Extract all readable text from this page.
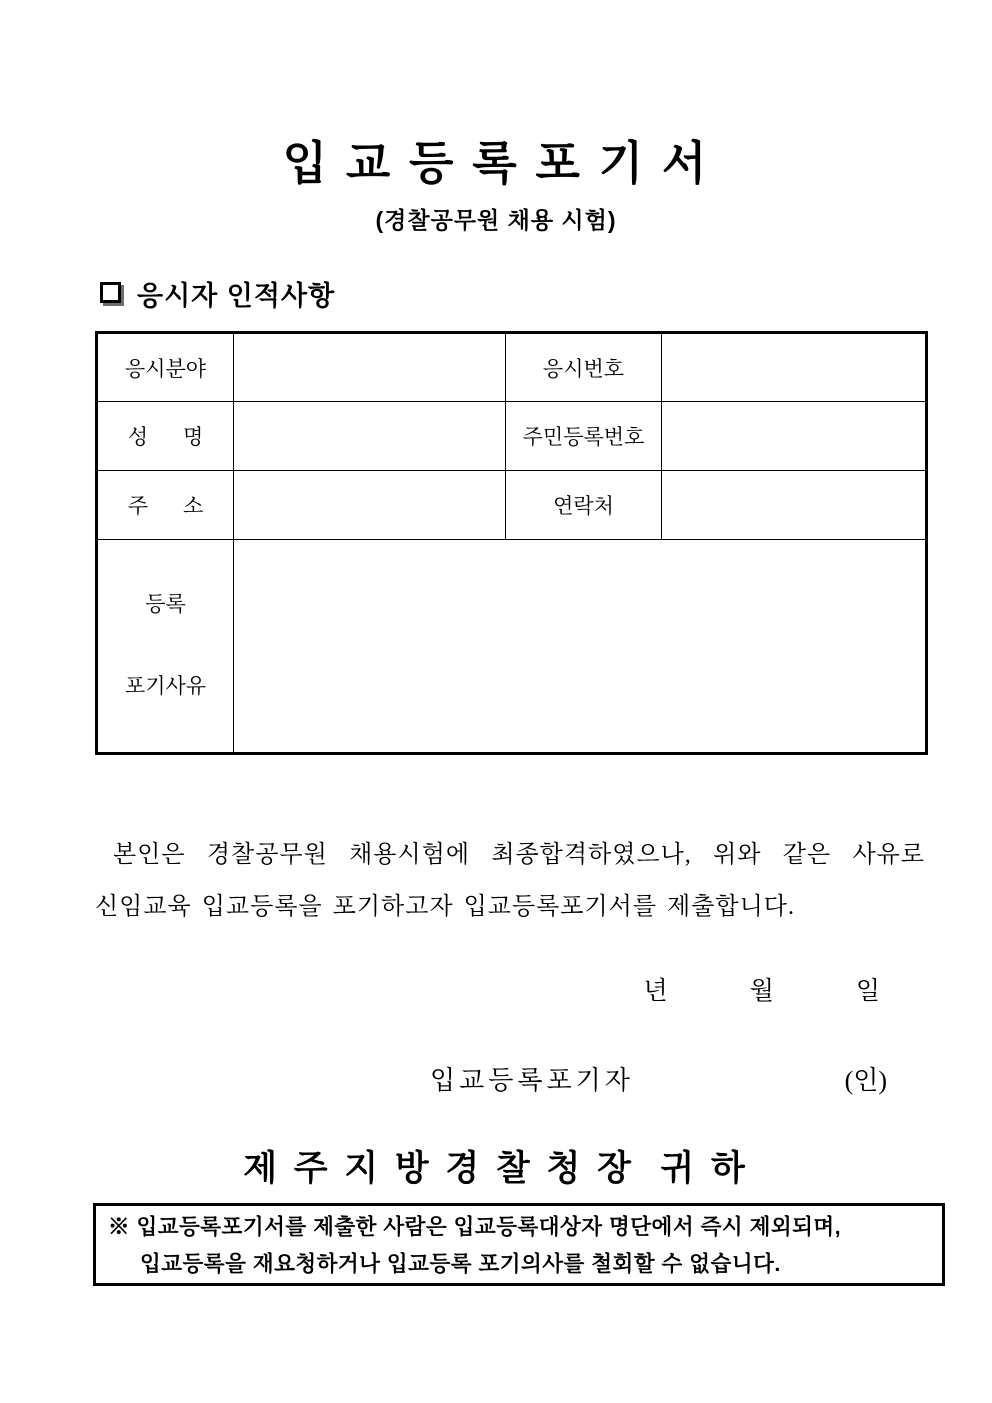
입 교 등 록 포 기 서
(경찰공무원 채용 시험)
응시자 인적사항
응시분야		응시번호	
성      명		주민등록번호	
주      소		연락처	

등록

포기사유			

본인은 경찰공무원 채용시험에 최종합격하였으나, 위와 같은 사유로
신임교육 입교등록을 포기하고자 입교등록포기서를 제출합니다.
년	월	일
입교등록포기자	(인)
제 주 지 방 경 찰 청 장  귀 하
※ 입교등록포기서를 제출한 사람은 입교등록대상자 명단에서 즉시 제외되며,
입교등록을 재요청하거나 입교등록 포기의사를 철회할 수 없습니다.
